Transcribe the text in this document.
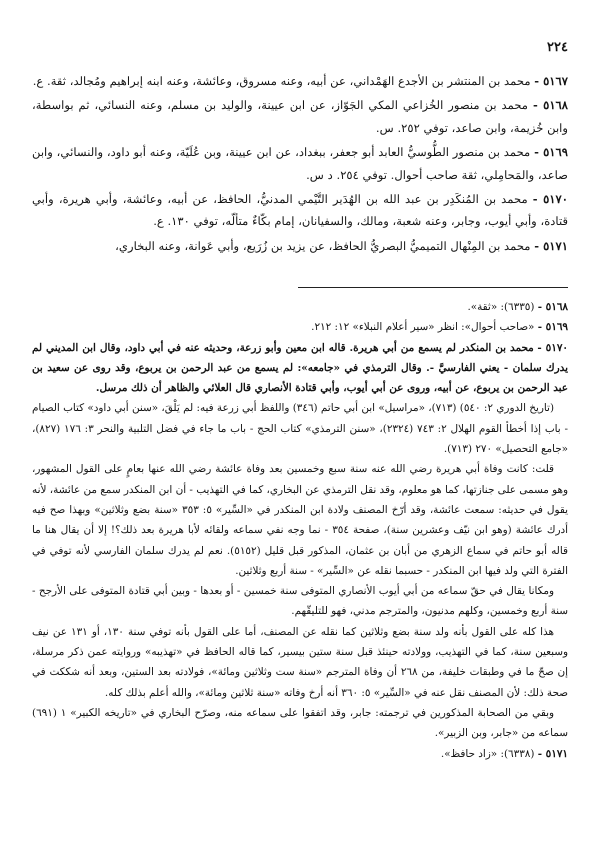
٢٢٤

٥١٦٧ - محمد بن المنتشر بن الأجدع الهَمْداني، عن أبيه، وعنه مسروق، وعائشة، وعنه ابنه إبراهيم ومُجالد، ثقة. ع.

٥١٦٨ - محمد بن منصور الخُزاعي المكي الجَوّاز، عن ابن عيينة، والوليد بن مسلم، وعنه النسائي، ثم بواسطة، وابن خُزيمة، وابن صاعد، توفي ٢٥٢. س.

٥١٦٩ - محمد بن منصور الطُّوسيُّ العابد أبو جعفر، ببغداد، عن ابن عيينة، وبن عُلَيّة، وعنه أبو داود، والنسائي، وابن صاعد، والمَحامِلي، ثقة صاحب أحوال. توفي ٢٥٤. د س.

٥١٧٠ - محمد بن المُنكَدِر بن عبد الله بن الهُدَير التَّيْمي المدنيُّ، الحافظ، عن أبيه، وعائشة، وأبي هريرة، وأبي قتادة، وأبي أيوب، وجابر، وعنه شعبة، ومالك، والسفيانان، إمام بكّاءٌ متألّه، توفي ١٣٠. ع.

٥١٧١ - محمد بن المِنْهال التميميُّ البصريُّ الحافظ، عن يزيد بن زُرَيع، وأبي عَوانة، وعنه البخاري،

٥١٦٨ - (٦٣٣٥): «ثقة».

٥١٦٩ - «صاحب أحوال»: انظر «سير أعلام النبلاء» ١٢: ٢١٢.

٥١٧٠ - محمد بن المنكدر لم يسمع من أبي هريرة. قاله ابن معين وأبو زرعة، وحديثه عنه في أبي داود، وقال ابن المديني لم يدرك سلمان - يعني الفارسيَّ -. وقال الترمذي في «جامعه»: لم يسمع من عبد الرحمن بن يربوع، وقد روى عن سعيد بن عبد الرحمن بن يربوع، عن أبيه، وروى عن أبي أيوب، وأبي قتادة الأنصاري قال العلائي والظاهر أن ذلك مرسل.

(تاريخ الدوري ٢: ٥٤٠) (٧١٣)، «مراسيل» ابن أبي حاتم (٣٤٦) واللفظ أبي زرعة فيه: لم يَلْقَ، «سنن أبي داود» كتاب الصيام - باب إذا أخطأ القوم الهلال ٢: ٧٤٣ (٢٣٢٤)، «سنن الترمذي» كتاب الحج - باب ما جاء في فضل التلبية والنحر ٣: ١٧٦ (٨٢٧)، «جامع التحصيل» ٢٧٠ (٧١٣).

قلت: كانت وفاة أبي هريرة رضي الله عنه سنة سبع وخمسين بعد وفاة عائشة رضي الله عنها بعامٍ على القول المشهور، وهو مسمى على جنازتها، كما هو معلوم، وقد نقل الترمذي عن البخاري، كما في التهذيب - أن ابن المنكدر سمع من عائشة، لأنه يقول في حديثه: سمعت عائشة، وقد أرّخ المصنف ولادة ابن المنكدر في «السِّير» ٥: ٣٥٣ «سنة بضع وثلاثين» وبهذا صح فيه أدرك عائشة (وهو ابن نيّف وعشرين سنة)، صفحة ٣٥٤ - نما وجه نفي سماعه ولقائه لأبا هريرة بعد ذلك؟! إلا أن يقال هنا ما قاله أبو حاتم في سماع الزهري من أبان بن عثمان، المذكور قبل قليل (٥١٥٢). نعم لم يدرك سلمان الفارسي لأنه توفي في الفترة التي ولد فيها ابن المنكدر - حسبما نقله عن «السِّير» - سنة أربع وثلاثين.

ومكانا يقال في حقّ سماعه من أبي أيوب الأنصاري المتوفى سنة خمسين - أو بعدها - وبين أبي قتادة المتوفى على الأرجح - سنة أربع وخمسين، وكلهم مدنيون، والمترجم مدني، فهو للتليقّهم.

هذا كله على القول بأنه ولد سنة بضع وثلاثين كما نقله عن المصنف، أما على القول بأنه توفي سنة ١٣٠، أو ١٣١ عن نيف وسبعين سنة، كما في التهذيب، وولادته حينئذ قبل سنة ستين بيسير، كما قاله الحافظ في «تهذيبه» وروايته عمن ذكر مرسلة، إن صحّ ما في وطبقات خليفة، من ٢٦٨ أن وفاة المترجم «سنة ست وثلاثين ومائة»، فولادته بعد الستين، وبعد أنه شككت في صحة ذلك: لأن المصنف نقل عنه في «السِّير» ٥: ٣٦٠ أنه أرخ وفاته «سنة ثلاثين ومائة»، والله أعلم بذلك كله.

وبقي من الصحابة المذكورين في ترجمته: جابر، وقد اتفقوا على سماعه منه، وصرّح البخاري في «تاريخه الكبير» ١ (٦٩١) سماعه من «جابر، وبن الزبير».

٥١٧١ - (٦٣٣٨): «زاد حافظ».
